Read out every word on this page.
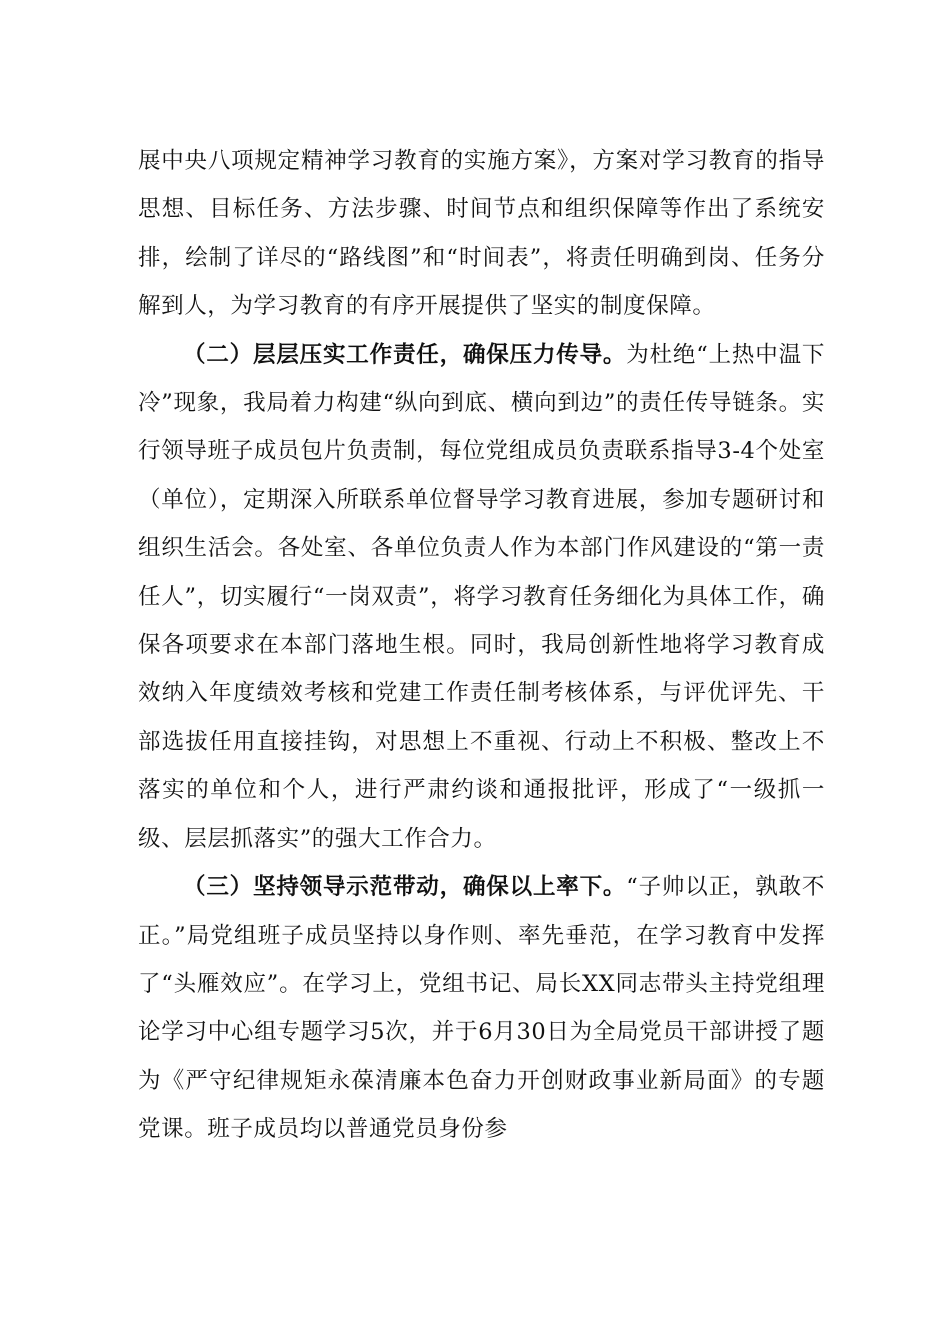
展中央八项规定精神学习教育的实施方案》，方案对学习教育的指导思想、目标任务、方法步骤、时间节点和组织保障等作出了系统安排，绘制了详尽的“路线图”和“时间表”，将责任明确到岗、任务分解到人，为学习教育的有序开展提供了坚实的制度保障。

（二）层层压实工作责任，确保压力传导。为杜绝“上热中温下冷”现象，我局着力构建“纵向到底、横向到边”的责任传导链条。实行领导班子成员包片负责制，每位党组成员负责联系指导3-4个处室（单位），定期深入所联系单位督导学习教育进展，参加专题研讨和组织生活会。各处室、各单位负责人作为本部门作风建设的“第一责任人”，切实履行“一岗双责”，将学习教育任务细化为具体工作，确保各项要求在本部门落地生根。同时，我局创新性地将学习教育成效纳入年度绩效考核和党建工作责任制考核体系，与评优评先、干部选拔任用直接挂钩，对思想上不重视、行动上不积极、整改上不落实的单位和个人，进行严肃约谈和通报批评，形成了“一级抓一级、层层抓落实”的强大工作合力。

（三）坚持领导示范带动，确保以上率下。“子帅以正，孰敢不正。”局党组班子成员坚持以身作则、率先垂范，在学习教育中发挥了“头雁效应”。在学习上，党组书记、局长XX同志带头主持党组理论学习中心组专题学习5次，并于6月30日为全局党员干部讲授了题为《严守纪律规矩永葆清廉本色奋力开创财政事业新局面》的专题党课。班子成员均以普通党员身份参
